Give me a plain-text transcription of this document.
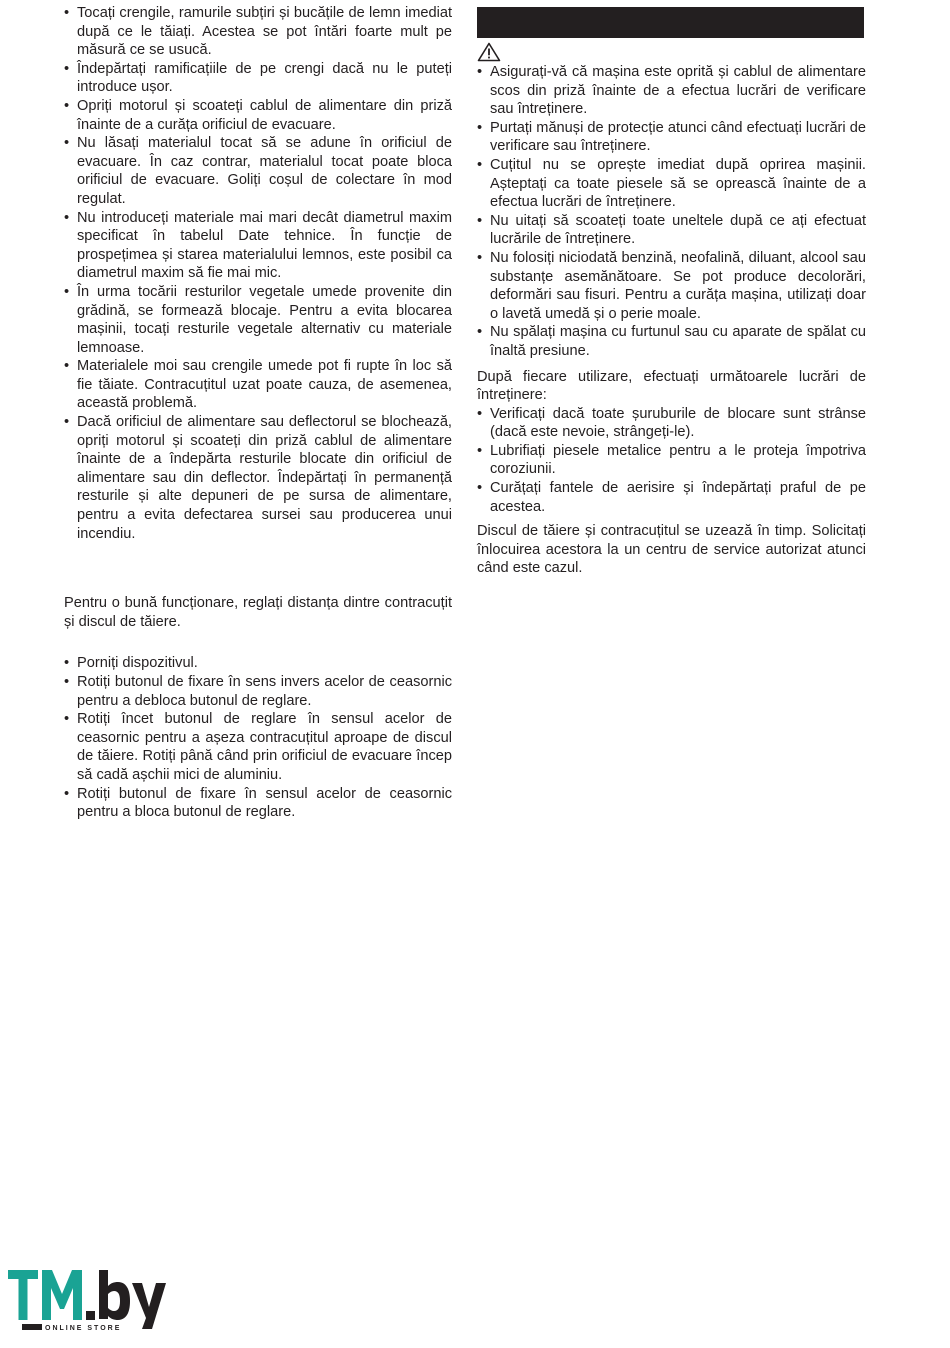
• Tocați crengile, ramurile subțiri și bucățile de lemn imediat după ce le tăiați. Acestea se pot întări foarte mult pe măsură ce se usucă.
• Îndepărtați ramificațiile de pe crengi dacă nu le puteți introduce ușor.
• Opriți motorul și scoateți cablul de alimentare din priză înainte de a curăța orificiul de evacuare.
• Nu lăsați materialul tocat să se adune în orificiul de evacuare. În caz contrar, materialul tocat poate bloca orificiul de evacuare. Goliți coșul de colectare în mod regulat.
• Nu introduceți materiale mai mari decât diametrul maxim specificat în tabelul Date tehnice. În funcție de prospețimea și starea materialului lemnos, este posibil ca diametrul maxim să fie mai mic.
• În urma tocării resturilor vegetale umede provenite din grădină, se formează blocaje. Pentru a evita blocarea mașinii, tocați resturile vegetale alternativ cu materiale lemnoase.
• Materialele moi sau crengile umede pot fi rupte în loc să fie tăiate. Contracuțitul uzat poate cauza, de asemenea, această problemă.
• Dacă orificiul de alimentare sau deflectorul se blochează, opriți motorul și scoateți din priză cablul de alimentare înainte de a îndepărta resturile blocate din orificiul de alimentare sau din deflector. Îndepărtați în permanență resturile și alte depuneri de pe sursa de alimentare, pentru a evita defectarea sursei sau producerea unui incendiu.

Pentru o bună funcționare, reglați distanța dintre contracuțit și discul de tăiere.

• Porniți dispozitivul.
• Rotiți butonul de fixare în sens invers acelor de ceasornic pentru a debloca butonul de reglare.
• Rotiți încet butonul de reglare în sensul acelor de ceasornic pentru a așeza contracuțitul aproape de discul de tăiere. Rotiți până când prin orificiul de evacuare încep să cadă așchii mici de aluminiu.
• Rotiți butonul de fixare în sensul acelor de ceasornic pentru a bloca butonul de reglare.
• Asigurați-vă că mașina este oprită și cablul de alimentare scos din priză înainte de a efectua lucrări de verificare sau întreținere.
• Purtați mănuși de protecție atunci când efectuați lucrări de verificare sau întreținere.
• Cuțitul nu se oprește imediat după oprirea mașinii. Așteptați ca toate piesele să se oprească înainte de a efectua lucrări de întreținere.
• Nu uitați să scoateți toate uneltele după ce ați efectuat lucrările de întreținere.
• Nu folosiți niciodată benzină, neofalină, diluant, alcool sau substanțe asemănătoare. Se pot produce decolorări, deformări sau fisuri. Pentru a curăța mașina, utilizați doar o lavetă umedă și o perie moale.
• Nu spălați mașina cu furtunul sau cu aparate de spălat cu înaltă presiune.

După fiecare utilizare, efectuați următoarele lucrări de întreținere:

• Verificați dacă toate șuruburile de blocare sunt strânse (dacă este nevoie, strângeți-le).
• Lubrifiați piesele metalice pentru a le proteja împotriva coroziunii.
• Curățați fantele de aerisire și îndepărtați praful de pe acestea.

Discul de tăiere și contracuțitul se uzează în timp. Solicitați înlocuirea acestora la un centru de service autorizat atunci când este cazul.

ONLINE STORE
